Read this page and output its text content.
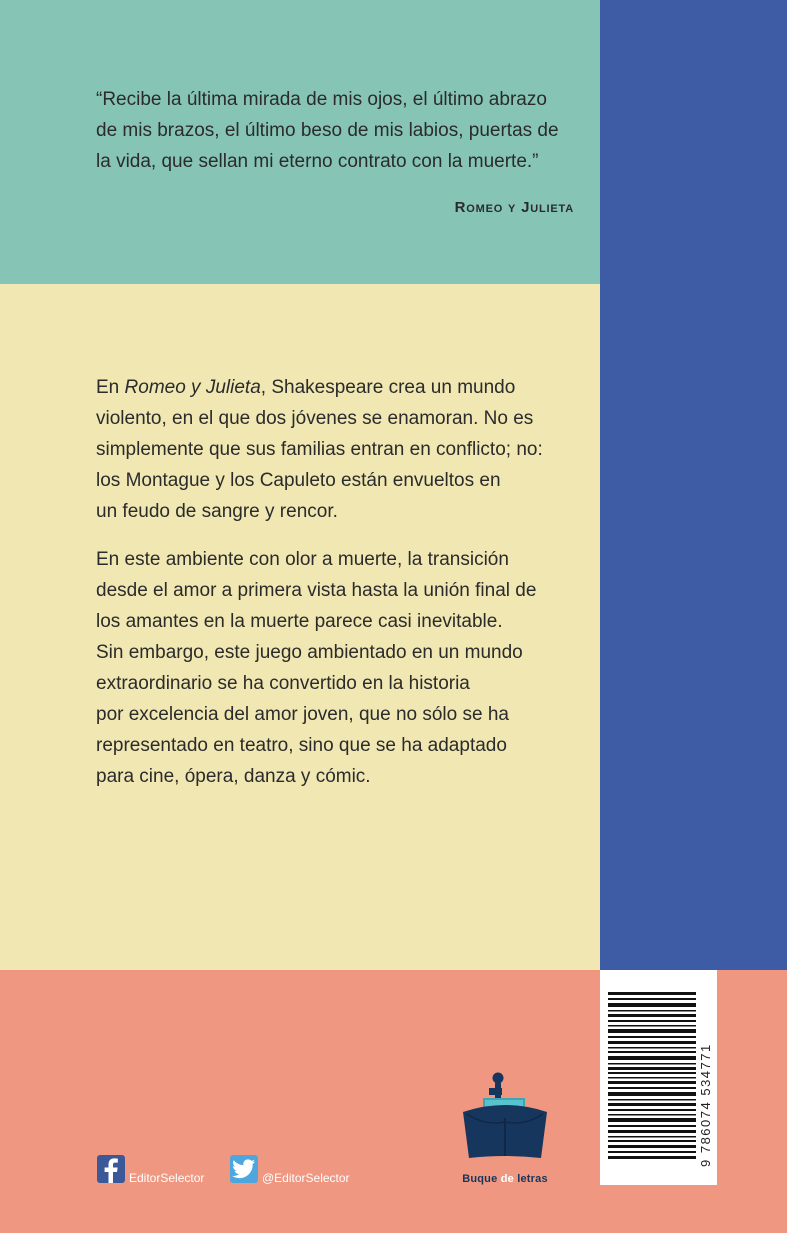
“Recibe la última mirada de mis ojos, el último abrazo
de mis brazos, el último beso de mis labios, puertas de
la vida, que sellan mi eterno contrato con la muerte.”

Romeo y Julieta

En Romeo y Julieta, Shakespeare crea un mundo
violento, en el que dos jóvenes se enamoran. No es
simplemente que sus familias entran en conflicto; no:
los Montague y los Capuleto están envueltos en
un feudo de sangre y rencor.

En este ambiente con olor a muerte, la transición
desde el amor a primera vista hasta la unión final de
los amantes en la muerte parece casi inevitable.
Sin embargo, este juego ambientado en un mundo
extraordinario se ha convertido en la historia
por excelencia del amor joven, que no sólo se ha
representado en teatro, sino que se ha adaptado
para cine, ópera, danza y cómic.

9 786074 534771
Buque de letras
EditorSelector	@EditorSelector
